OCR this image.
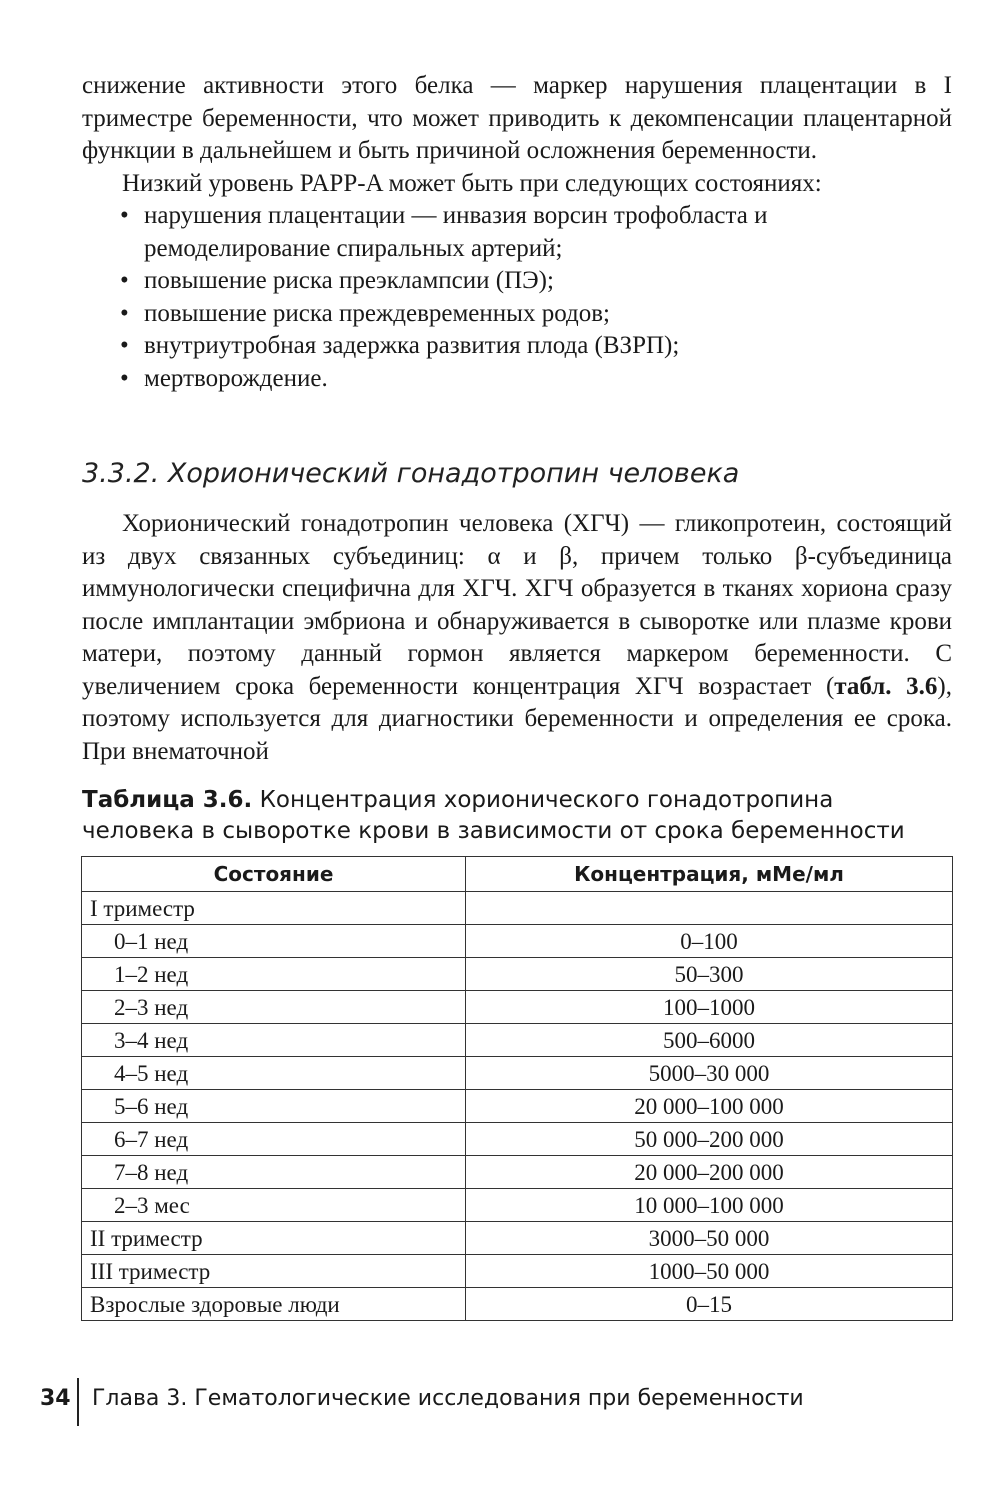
снижение активности этого белка — маркер нарушения плацентации в I триместре беременности, что может приводить к декомпенсации плацентарной функции в дальнейшем и быть причиной осложнения беременности.

Низкий уровень PAPP-A может быть при следующих состояниях:

• нарушения плацентации — инвазия ворсин трофобласта и ремоделирование спиральных артерий;
• повышение риска преэклампсии (ПЭ);
• повышение риска преждевременных родов;
• внутриутробная задержка развития плода (ВЗРП);
• мертворождение.
3.3.2. Хорионический гонадотропин человека

Хорионический гонадотропин человека (ХГЧ) — гликопротеин, состоящий из двух связанных субъединиц: α и β, причем только β-субъединица иммунологически специфична для ХГЧ. ХГЧ образуется в тканях хориона сразу после имплантации эмбриона и обнаруживается в сыворотке или плазме крови матери, поэтому данный гормон является маркером беременности. С увеличением срока беременности концентрация ХГЧ возрастает (табл. 3.6), поэтому используется для диагностики беременности и определения ее срока. При внематочной

Таблица 3.6. Концентрация хорионического гонадотропина человека в сыворотке крови в зависимости от срока беременности

Состояние	Концентрация, мМе/мл
I триместр	
0–1 нед	0–100
1–2 нед	50–300
2–3 нед	100–1000
3–4 нед	500–6000
4–5 нед	5000–30 000
5–6 нед	20 000–100 000
6–7 нед	50 000–200 000
7–8 нед	20 000–200 000
2–3 мес	10 000–100 000
II триместр	3000–50 000
III триместр	1000–50 000
Взрослые здоровые люди	0–15
34 Глава 3. Гематологические исследования при беременности
